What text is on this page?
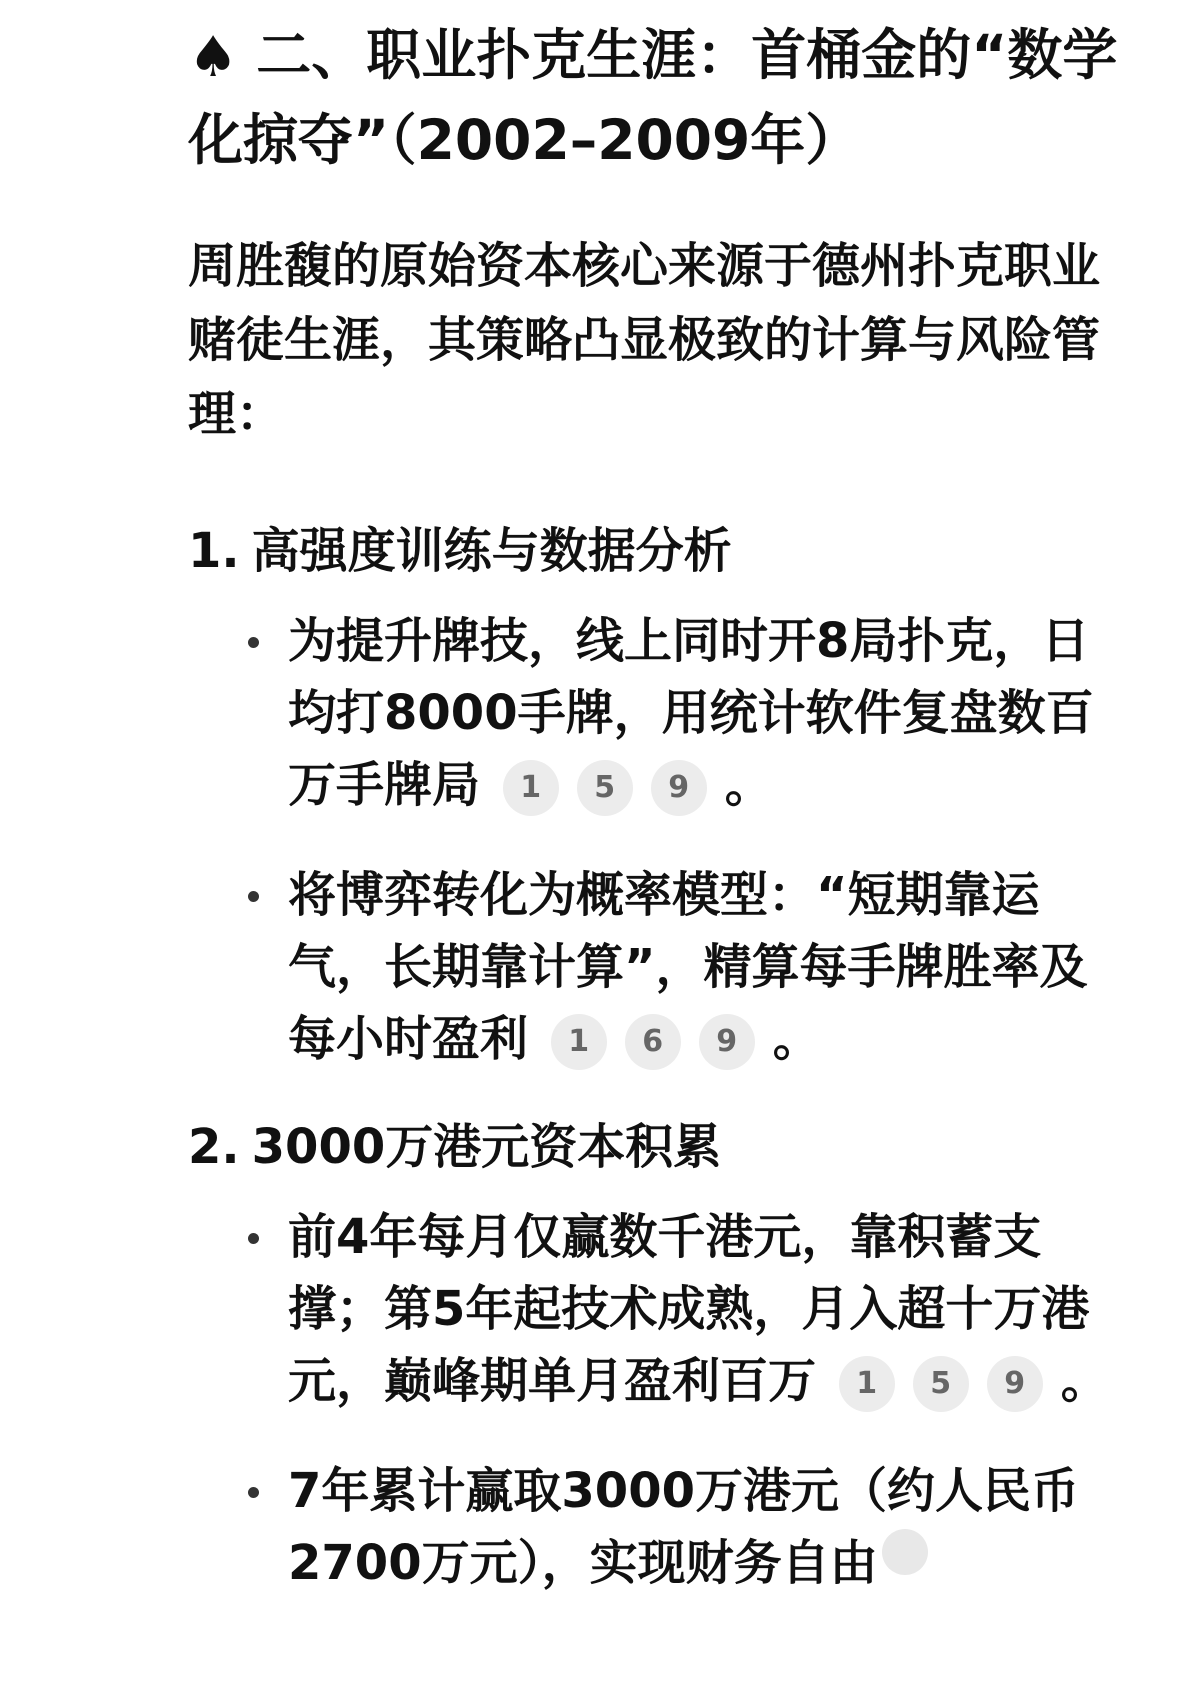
♠ 二、职业扑克生涯：首桶金的“数学化掠夺”（2002–2009年）
周胜馥的原始资本核心来源于德州扑克职业赌徒生涯，其策略凸显极致的计算与风险管理：
1. 高强度训练与数据分析
为提升牌技，线上同时开8局扑克，日均打8000手牌，用统计软件复盘数百万手牌局 1 5 9 。
将博弈转化为概率模型：“短期靠运气，长期靠计算”，精算每手牌胜率及每小时盈利 1 6 9 。
2. 3000万港元资本积累
前4年每月仅赢数千港元，靠积蓄支撑；第5年起技术成熟，月入超十万港元，巅峰期单月盈利百万 1 5 9 。
7年累计赢取3000万港元（约人民币2700万元），实现财务自由
